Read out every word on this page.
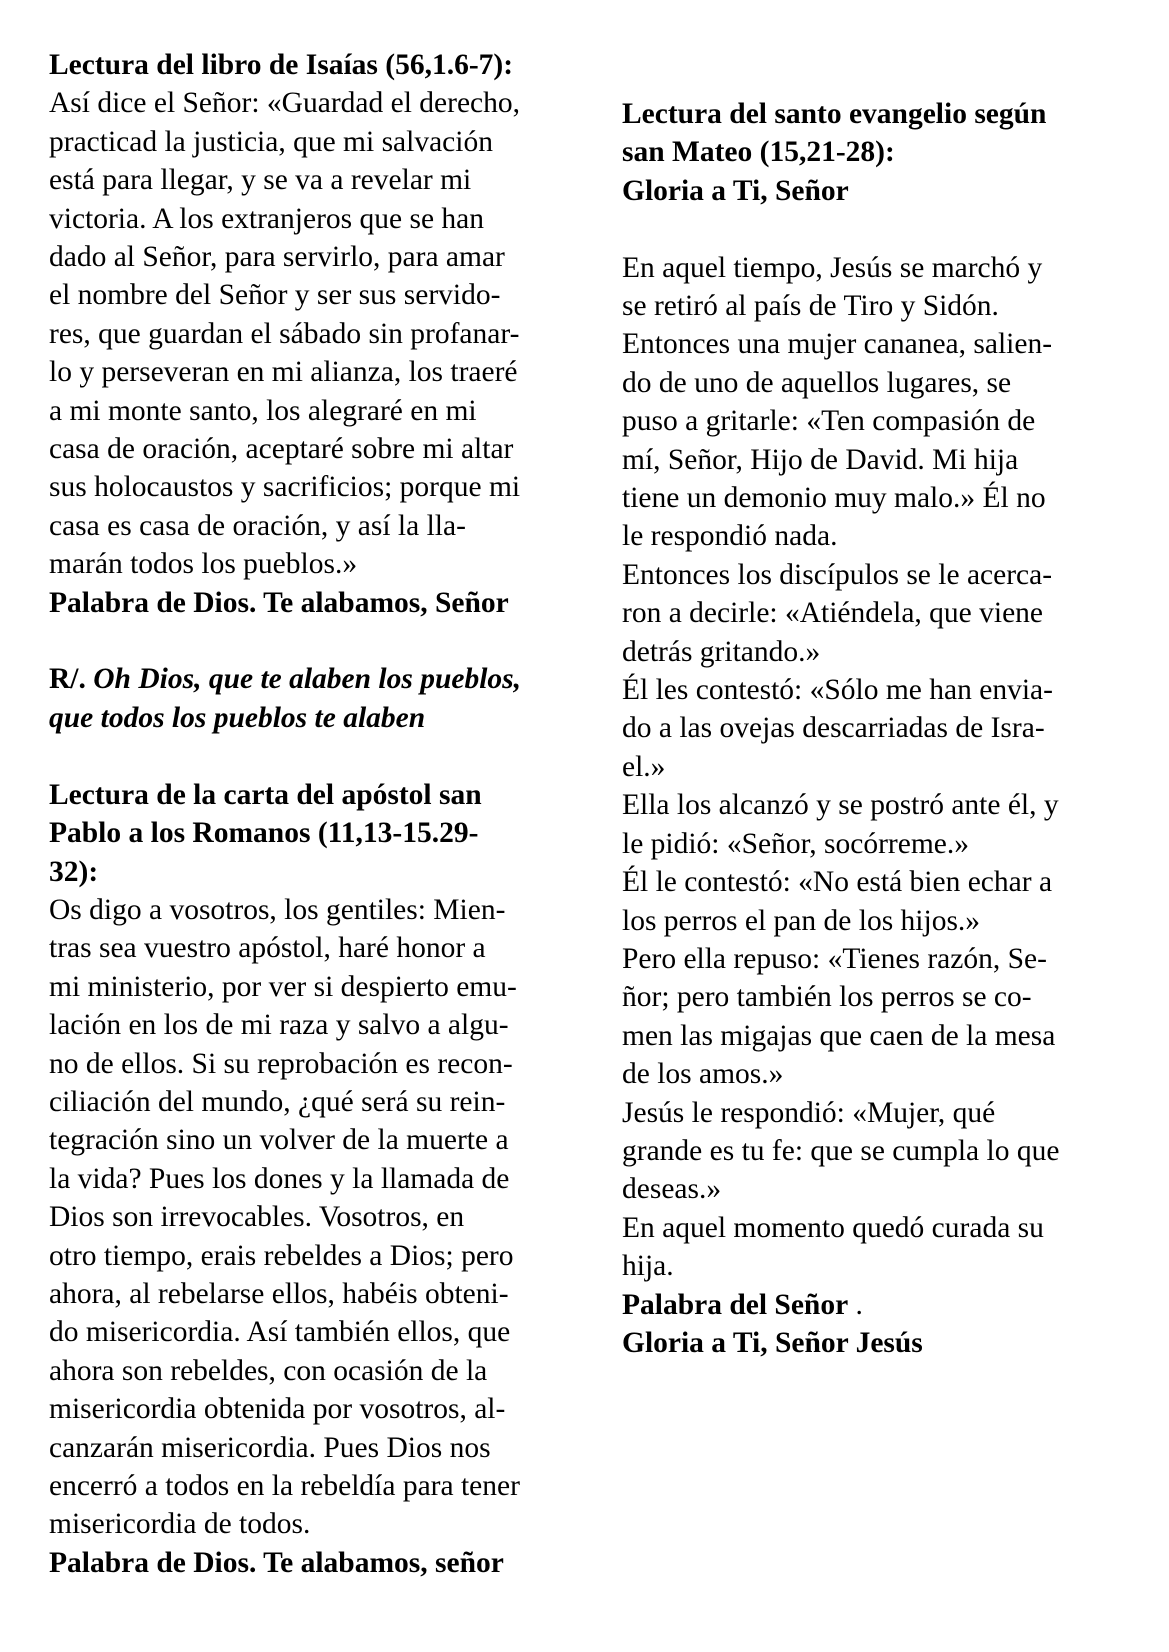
Lectura del libro de Isaías (56,1.6-7):
Así dice el Señor: «Guardad el derecho,
practicad la justicia, que mi salvación
está para llegar, y se va a revelar mi
victoria. A los extranjeros que se han
dado al Señor, para servirlo, para amar
el nombre del Señor y ser sus servido-
res, que guardan el sábado sin profanar-
lo y perseveran en mi alianza, los traeré
a mi monte santo, los alegraré en mi
casa de oración, aceptaré sobre mi altar
sus holocaustos y sacrificios; porque mi
casa es casa de oración, y así la lla-
marán todos los pueblos.»
Palabra de Dios. Te alabamos, Señor
R/. Oh Dios, que te alaben los pueblos,
que todos los pueblos te alaben
Lectura de la carta del apóstol san
Pablo a los Romanos (11,13-15.29-
32):
Os digo a vosotros, los gentiles: Mien-
tras sea vuestro apóstol, haré honor a
mi ministerio, por ver si despierto emu-
lación en los de mi raza y salvo a algu-
no de ellos. Si su reprobación es recon-
ciliación del mundo, ¿qué será su rein-
tegración sino un volver de la muerte a
la vida? Pues los dones y la llamada de
Dios son irrevocables. Vosotros, en
otro tiempo, erais rebeldes a Dios; pero
ahora, al rebelarse ellos, habéis obteni-
do misericordia. Así también ellos, que
ahora son rebeldes, con ocasión de la
misericordia obtenida por vosotros, al-
canzarán misericordia. Pues Dios nos
encerró a todos en la rebeldía para tener
misericordia de todos.
Palabra de Dios. Te alabamos, señor
Lectura del santo evangelio según
san Mateo (15,21-28):
Gloria a Ti, Señor
En aquel tiempo, Jesús se marchó y
se retiró al país de Tiro y Sidón.
Entonces una mujer cananea, salien-
do de uno de aquellos lugares, se
puso a gritarle: «Ten compasión de
mí, Señor, Hijo de David. Mi hija
tiene un demonio muy malo.» Él no
le respondió nada.
Entonces los discípulos se le acerca-
ron a decirle: «Atiéndela, que viene
detrás gritando.»
Él les contestó: «Sólo me han envia-
do a las ovejas descarriadas de Isra-
el.»
Ella los alcanzó y se postró ante él, y
le pidió: «Señor, socórreme.»
Él le contestó: «No está bien echar a
los perros el pan de los hijos.»
Pero ella repuso: «Tienes razón, Se-
ñor; pero también los perros se co-
men las migajas que caen de la mesa
de los amos.»
Jesús le respondió: «Mujer, qué
grande es tu fe: que se cumpla lo que
deseas.»
En aquel momento quedó curada su
hija.
Palabra del Señor .
Gloria a Ti, Señor Jesús
